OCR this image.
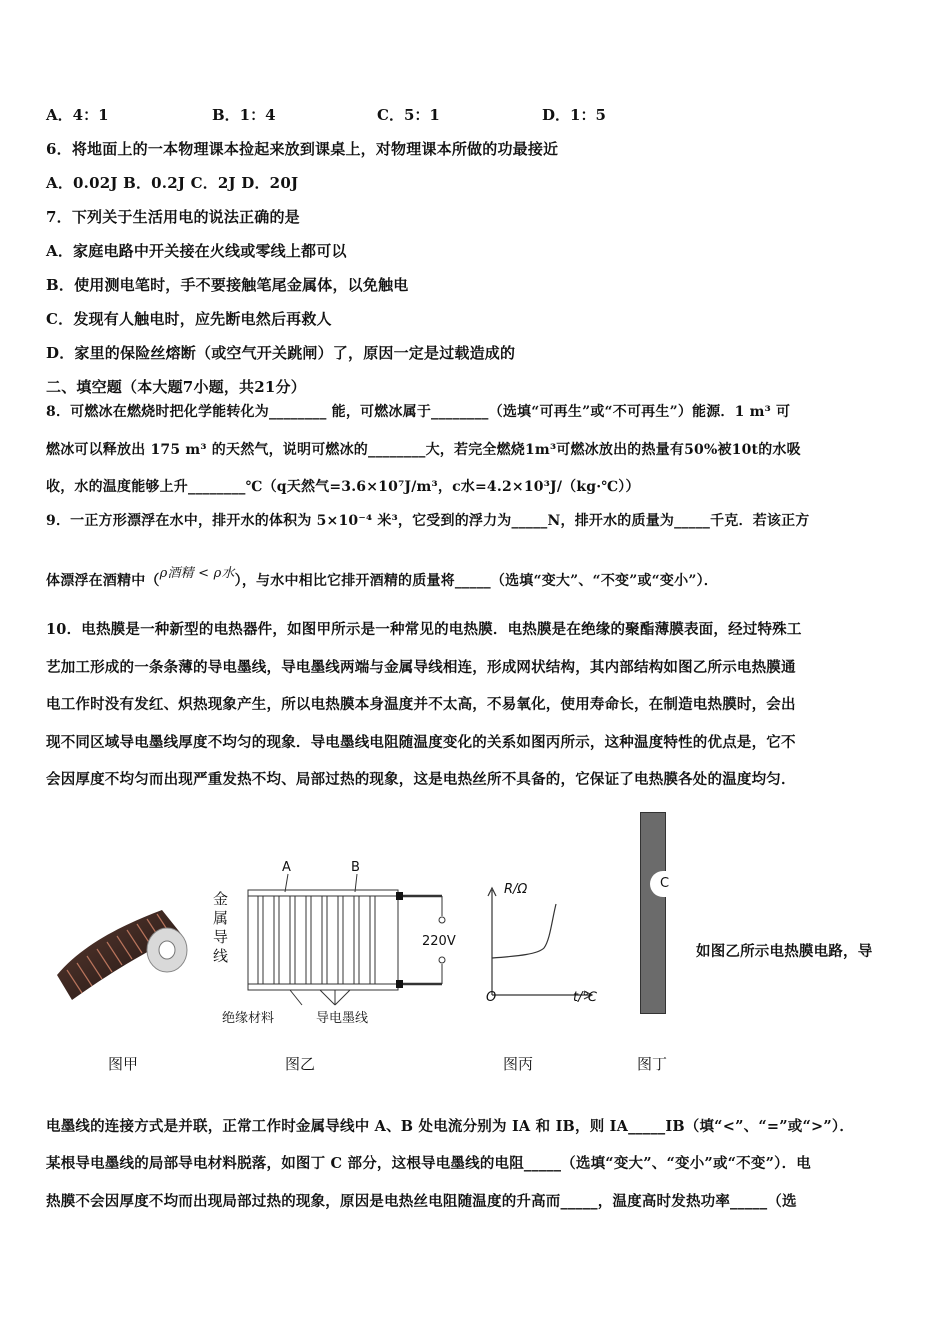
A．4：1	B．1：4	C．5：1	D．1：5
6．将地面上的一本物理课本捡起来放到课桌上，对物理课本所做的功最接近
A．0.02J B．0.2J C．2J D．20J
7．下列关于生活用电的说法正确的是
A．家庭电路中开关接在火线或零线上都可以
B．使用测电笔时，手不要接触笔尾金属体，以免触电
C．发现有人触电时，应先断电然后再救人
D．家里的保险丝熔断（或空气开关跳闸）了，原因一定是过载造成的
二、填空题（本大题7小题，共21分）
8．可燃冰在燃烧时把化学能转化为________ 能，可燃冰属于________（选填“可再生”或“不可再生”）能源．1 m³ 可
燃冰可以释放出 175 m³ 的天然气，说明可燃冰的________大，若完全燃烧1m³可燃冰放出的热量有50%被10t的水吸
收，水的温度能够上升________℃（q天然气=3.6×10⁷J/m³，c水=4.2×10³J/（kg·℃））
9．一正方形漂浮在水中，排开水的体积为 5×10⁻⁴ 米³，它受到的浮力为_____N，排开水的质量为_____千克．若该正方
体漂浮在酒精中（ρ酒精 < ρ水），与水中相比它排开酒精的质量将_____（选填“变大”、“不变”或“变小”）．
10．电热膜是一种新型的电热器件，如图甲所示是一种常见的电热膜．电热膜是在绝缘的聚酯薄膜表面，经过特殊工
艺加工形成的一条条薄的导电墨线，导电墨线两端与金属导线相连，形成网状结构，其内部结构如图乙所示电热膜通
电工作时没有发红、炽热现象产生，所以电热膜本身温度并不太高，不易氧化，使用寿命长，在制造电热膜时，会出
现不同区域导电墨线厚度不均匀的现象．导电墨线电阻随温度变化的关系如图丙所示，这种温度特性的优点是，它不
会因厚度不均匀而出现严重发热不均、局部过热的现象，这是电热丝所不具备的，它保证了电热膜各处的温度均匀．
A	B
金属导线
220V
绝缘材料	导电墨线
R/Ω
O	t/℃
C
如图乙所示电热膜电路，导
图甲	图乙	图丙	图丁
电墨线的连接方式是并联，正常工作时金属导线中 A、B 处电流分别为 IA 和 IB，则 IA_____IB（填“<”、“=”或“>”）．
某根导电墨线的局部导电材料脱落，如图丁 C 部分，这根导电墨线的电阻_____（选填“变大”、“变小”或“不变”）．电
热膜不会因厚度不均而出现局部过热的现象，原因是电热丝电阻随温度的升高而_____，温度高时发热功率_____（选
